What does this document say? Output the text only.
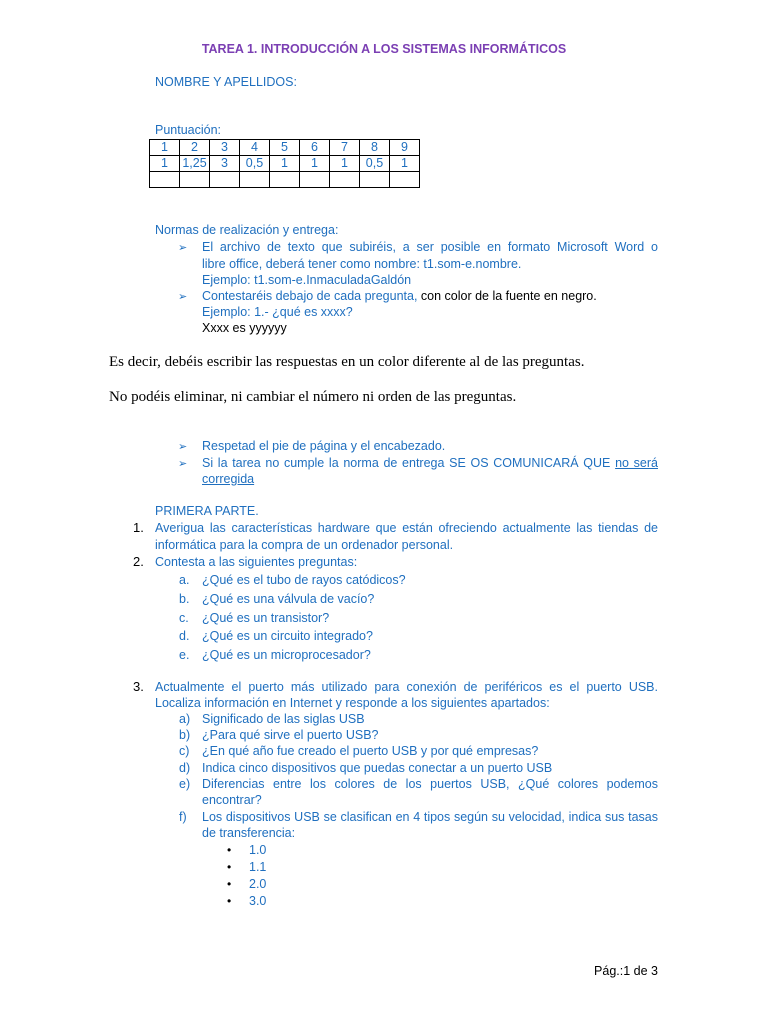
TAREA 1. INTRODUCCIÓN A LOS SISTEMAS INFORMÁTICOS
NOMBRE Y APELLIDOS:
Puntuación:
1	2	3	4	5	6	7	8	9
1	1,25	3	0,5	1	1	1	0,5	1

Normas de realización y entrega:
➢ El archivo de texto que subiréis, a ser posible en formato Microsoft Word o
libre office, deberá tener como nombre: t1.som-e.nombre.
Ejemplo: t1.som-e.InmaculadaGaldón
➢ Contestaréis debajo de cada pregunta, con color de la fuente en negro.
Ejemplo: 1.- ¿qué es xxxx?
Xxxx es yyyyyy
Es decir, debéis escribir las respuestas en un color diferente al de las preguntas.
No podéis eliminar, ni cambiar el número ni orden de las preguntas.
➢ Respetad el pie de página y el encabezado.
➢ Si la tarea no cumple la norma de entrega SE OS COMUNICARÁ QUE no será
corregida
PRIMERA PARTE.
1. Averigua las características hardware que están ofreciendo actualmente las tiendas de
informática para la compra de un ordenador personal.
2. Contesta a las siguientes preguntas:
a. ¿Qué es el tubo de rayos catódicos?
b. ¿Qué es una válvula de vacío?
c. ¿Qué es un transistor?
d. ¿Qué es un circuito integrado?
e. ¿Qué es un microprocesador?
3. Actualmente el puerto más utilizado para conexión de periféricos es el puerto USB.
Localiza información en Internet y responde a los siguientes apartados:
a) Significado de las siglas USB
b) ¿Para qué sirve el puerto USB?
c) ¿En qué año fue creado el puerto USB y por qué empresas?
d) Indica cinco dispositivos que puedas conectar a un puerto USB
e) Diferencias entre los colores de los puertos USB, ¿Qué colores podemos
encontrar?
f) Los dispositivos USB se clasifican en 4 tipos según su velocidad, indica sus tasas
de transferencia:
• 1.0
• 1.1
• 2.0
• 3.0
Pág.:1 de 3
